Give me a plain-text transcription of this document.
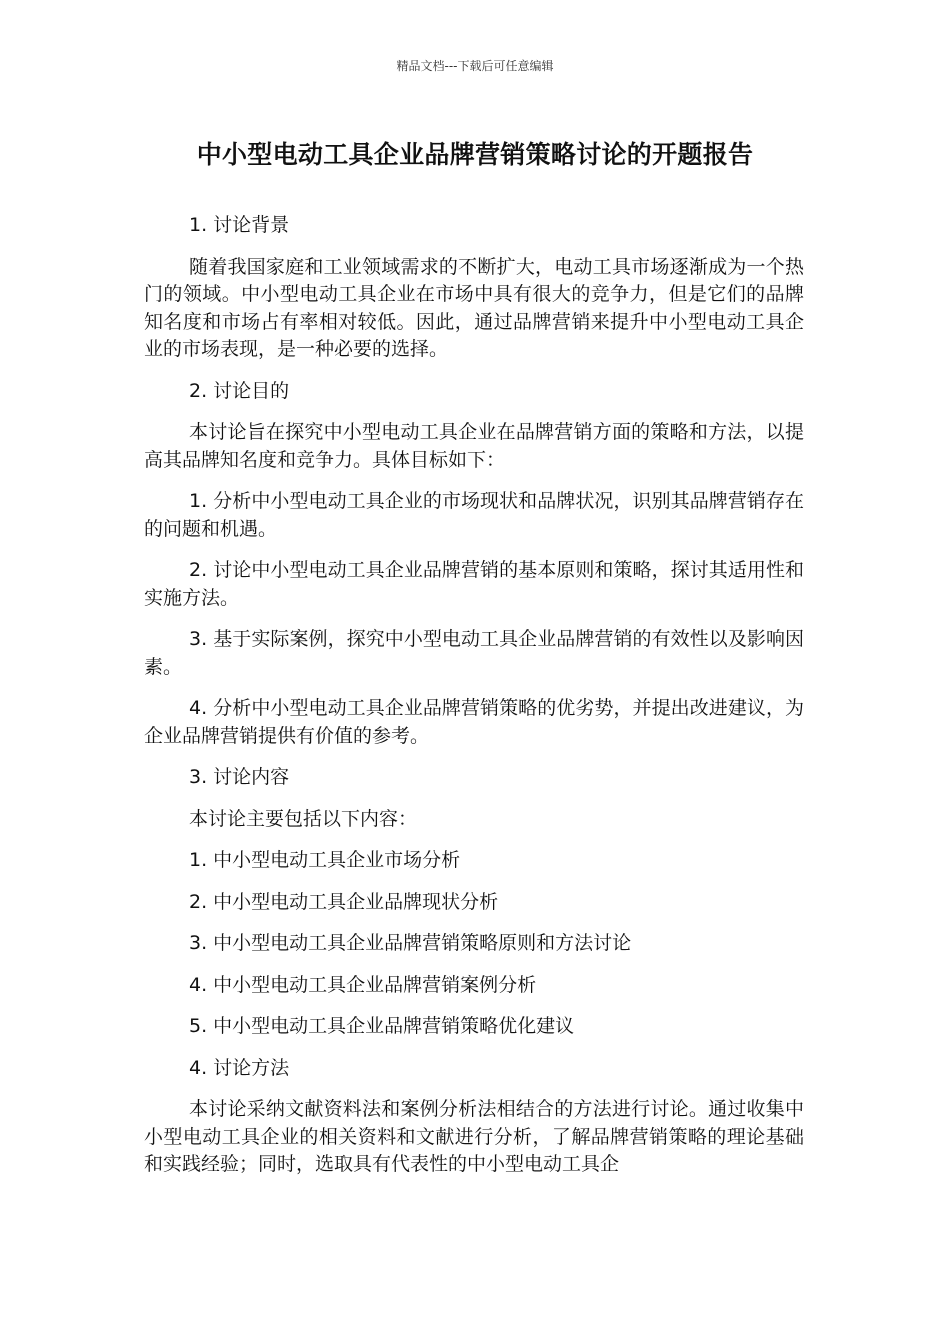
精品文档---下载后可任意编辑
中小型电动工具企业品牌营销策略讨论的开题报告

1. 讨论背景

随着我国家庭和工业领域需求的不断扩大，电动工具市场逐渐成为一个热门的领域。中小型电动工具企业在市场中具有很大的竞争力，但是它们的品牌知名度和市场占有率相对较低。因此，通过品牌营销来提升中小型电动工具企业的市场表现，是一种必要的选择。

2. 讨论目的

本讨论旨在探究中小型电动工具企业在品牌营销方面的策略和方法，以提高其品牌知名度和竞争力。具体目标如下：

1. 分析中小型电动工具企业的市场现状和品牌状况，识别其品牌营销存在的问题和机遇。

2. 讨论中小型电动工具企业品牌营销的基本原则和策略，探讨其适用性和实施方法。

3. 基于实际案例，探究中小型电动工具企业品牌营销的有效性以及影响因素。

4. 分析中小型电动工具企业品牌营销策略的优劣势，并提出改进建议，为企业品牌营销提供有价值的参考。

3. 讨论内容

本讨论主要包括以下内容：

1. 中小型电动工具企业市场分析

2. 中小型电动工具企业品牌现状分析

3. 中小型电动工具企业品牌营销策略原则和方法讨论

4. 中小型电动工具企业品牌营销案例分析

5. 中小型电动工具企业品牌营销策略优化建议

4. 讨论方法

本讨论采纳文献资料法和案例分析法相结合的方法进行讨论。通过收集中小型电动工具企业的相关资料和文献进行分析，了解品牌营销策略的理论基础和实践经验；同时，选取具有代表性的中小型电动工具企
